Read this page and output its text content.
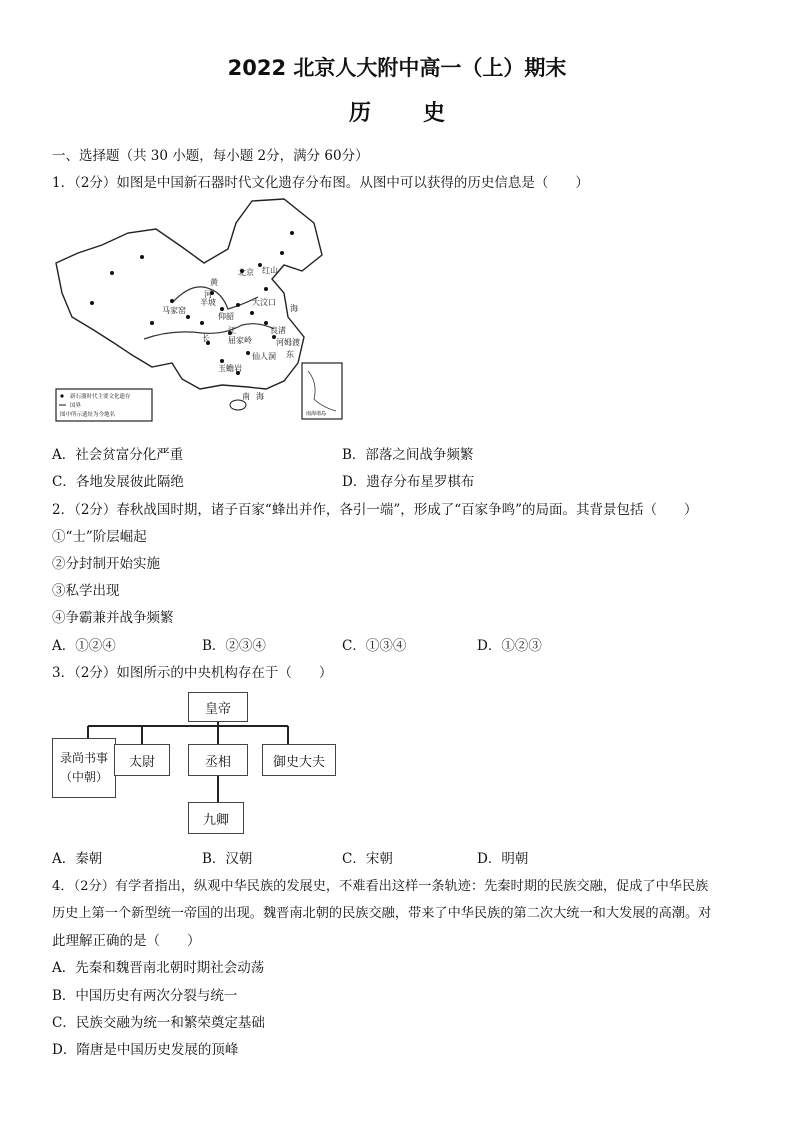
2022 北京人大附中高一（上）期末
历史
一、选择题（共 30 小题，每小题 2分，满分 60分）
1．（2分）如图是中国新石器时代文化遗存分布图。从图中可以获得的历史信息是（　　）
北京 红山
半坡
仰韶
马家窑
大汶口
良渚
河姆渡
屈家岭
仙人洞
玉蟾岩
黄
河
长
江
海
东
南 海
新石器时代主要文化遗存
国界
图中所示遗址为今地名	南海诸岛
A．社会贫富分化严重	B．部落之间战争频繁
C．各地发展彼此隔绝	D．遗存分布星罗棋布
2．（2分）春秋战国时期，诸子百家“蜂出并作，各引一端”，形成了“百家争鸣”的局面。其背景包括（　　）
①“士”阶层崛起
②分封制开始实施
③私学出现
④争霸兼并战争频繁
A．①②④	B．②③④	C．①③④	D．①②③
3．（2分）如图所示的中央机构存在于（　　）
皇帝
录尚书事
（中朝）
太尉	丞相	御史大夫
九卿
A．秦朝	B．汉朝	C．宋朝	D．明朝
4．（2分）有学者指出，纵观中华民族的发展史，不难看出这样一条轨迹：先秦时期的民族交融，促成了中华民族
历史上第一个新型统一帝国的出现。魏晋南北朝的民族交融，带来了中华民族的第二次大统一和大发展的高潮。对
此理解正确的是（　　）
A．先秦和魏晋南北朝时期社会动荡
B．中国历史有两次分裂与统一
C．民族交融为统一和繁荣奠定基础
D．隋唐是中国历史发展的顶峰
